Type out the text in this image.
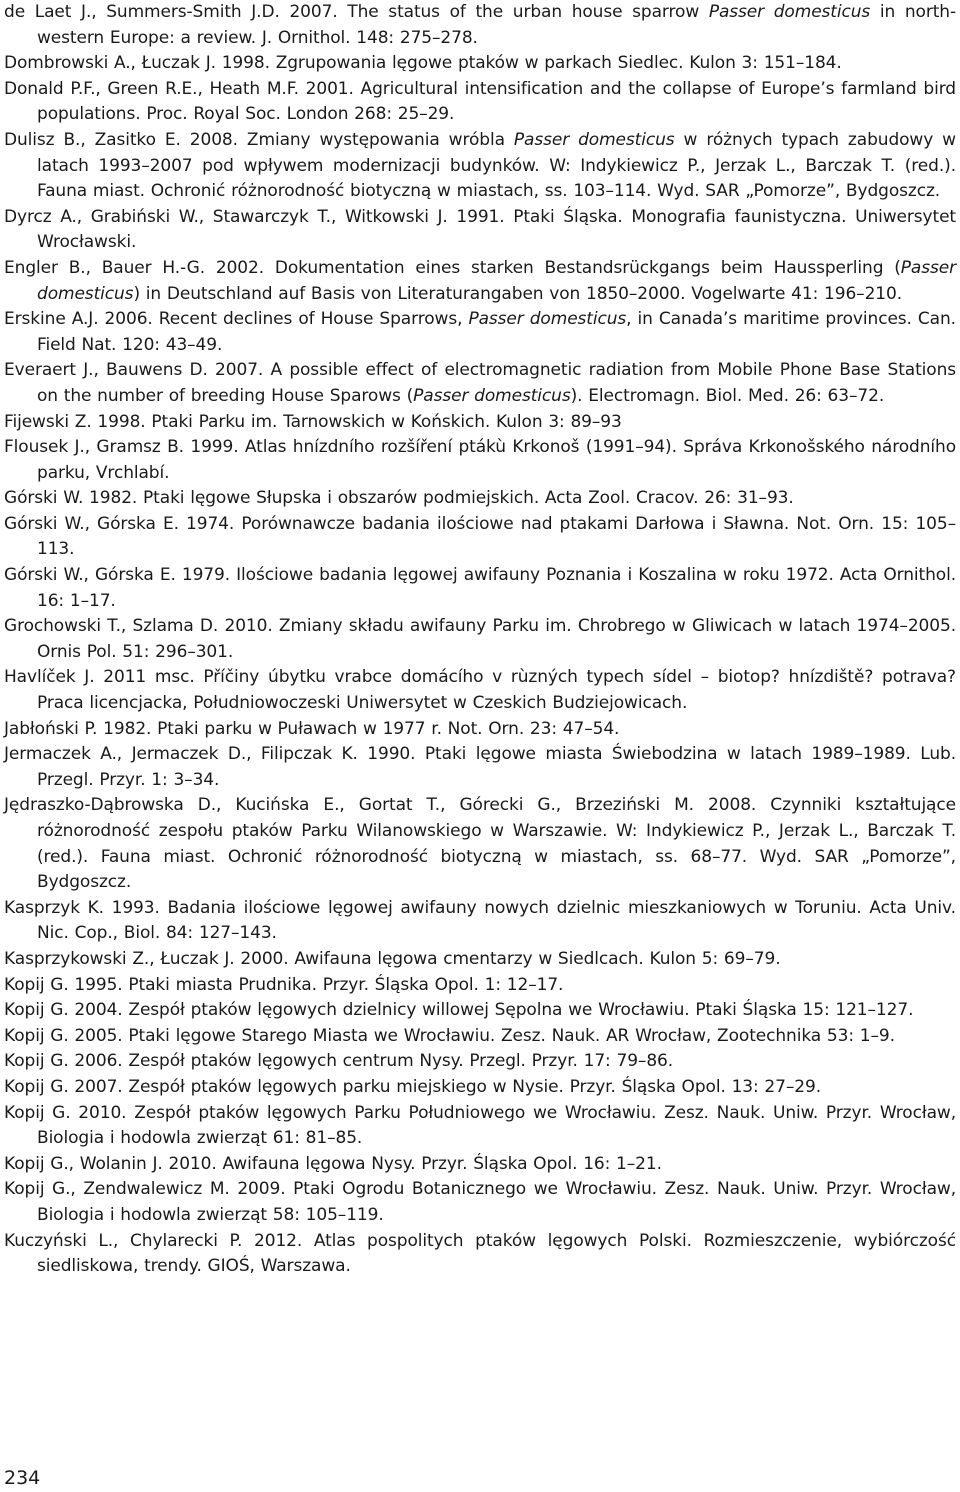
de Laet J., Summers-Smith J.D. 2007. The status of the urban house sparrow Passer domesticus in north-western Europe: a review. J. Ornithol. 148: 275–278.
Dombrowski A., Łuczak J. 1998. Zgrupowania lęgowe ptaków w parkach Siedlec. Kulon 3: 151–184.
Donald P.F., Green R.E., Heath M.F. 2001. Agricultural intensification and the collapse of Europe’s farmland bird populations. Proc. Royal Soc. London 268: 25–29.
Dulisz B., Zasitko E. 2008. Zmiany występowania wróbla Passer domesticus w różnych typach zabudowy w latach 1993–2007 pod wpływem modernizacji budynków. W: Indykiewicz P., Jerzak L., Barczak T. (red.). Fauna miast. Ochronić różnorodność biotyczną w miastach, ss. 103–114. Wyd. SAR „Pomorze”, Bydgoszcz.
Dyrcz A., Grabiński W., Stawarczyk T., Witkowski J. 1991. Ptaki Śląska. Monografia faunistyczna. Uniwersytet Wrocławski.
Engler B., Bauer H.-G. 2002. Dokumentation eines starken Bestandsrückgangs beim Haussperling (Passer domesticus) in Deutschland auf Basis von Literaturangaben von 1850–2000. Vogelwarte 41: 196–210.
Erskine A.J. 2006. Recent declines of House Sparrows, Passer domesticus, in Canada’s maritime provinces. Can. Field Nat. 120: 43–49.
Everaert J., Bauwens D. 2007. A possible effect of electromagnetic radiation from Mobile Phone Base Stations on the number of breeding House Sparows (Passer domesticus). Electromagn. Biol. Med. 26: 63–72.
Fijewski Z. 1998. Ptaki Parku im. Tarnowskich w Końskich. Kulon 3: 89–93
Flousek J., Gramsz B. 1999. Atlas hnízdního rozšíření ptákù Krkonoš (1991–94). Správa Krkonošského národního parku, Vrchlabí.
Górski W. 1982. Ptaki lęgowe Słupska i obszarów podmiejskich. Acta Zool. Cracov. 26: 31–93.
Górski W., Górska E. 1974. Porównawcze badania ilościowe nad ptakami Darłowa i Sławna. Not. Orn. 15: 105–113.
Górski W., Górska E. 1979. Ilościowe badania lęgowej awifauny Poznania i Koszalina w roku 1972. Acta Ornithol. 16: 1–17.
Grochowski T., Szlama D. 2010. Zmiany składu awifauny Parku im. Chrobrego w Gliwicach w latach 1974–2005. Ornis Pol. 51: 296–301.
Havlíček J. 2011 msc. Příčiny úbytku vrabce domácího v rùzných typech sídel – biotop? hnízdiště? potrava? Praca licencjacka, Południowoczeski Uniwersytet w Czeskich Budziejowicach.
Jabłoński P. 1982. Ptaki parku w Puławach w 1977 r. Not. Orn. 23: 47–54.
Jermaczek A., Jermaczek D., Filipczak K. 1990. Ptaki lęgowe miasta Świebodzina w latach 1989–1989. Lub. Przegl. Przyr. 1: 3–34.
Jędraszko-Dąbrowska D., Kucińska E., Gortat T., Górecki G., Brzeziński M. 2008. Czynniki kształtujące różnorodność zespołu ptaków Parku Wilanowskiego w Warszawie. W: Indykiewicz P., Jerzak L., Barczak T. (red.). Fauna miast. Ochronić różnorodność biotyczną w miastach, ss. 68–77. Wyd. SAR „Pomorze”, Bydgoszcz.
Kasprzyk K. 1993. Badania ilościowe lęgowej awifauny nowych dzielnic mieszkaniowych w Toruniu. Acta Univ. Nic. Cop., Biol. 84: 127–143.
Kasprzykowski Z., Łuczak J. 2000. Awifauna lęgowa cmentarzy w Siedlcach. Kulon 5: 69–79.
Kopij G. 1995. Ptaki miasta Prudnika. Przyr. Śląska Opol. 1: 12–17.
Kopij G. 2004. Zespół ptaków lęgowych dzielnicy willowej Sępolna we Wrocławiu. Ptaki Śląska 15: 121–127.
Kopij G. 2005. Ptaki lęgowe Starego Miasta we Wrocławiu. Zesz. Nauk. AR Wrocław, Zootechnika 53: 1–9.
Kopij G. 2006. Zespół ptaków lęgowych centrum Nysy. Przegl. Przyr. 17: 79–86.
Kopij G. 2007. Zespół ptaków lęgowych parku miejskiego w Nysie. Przyr. Śląska Opol. 13: 27–29.
Kopij G. 2010. Zespół ptaków lęgowych Parku Południowego we Wrocławiu. Zesz. Nauk. Uniw. Przyr. Wrocław, Biologia i hodowla zwierząt 61: 81–85.
Kopij G., Wolanin J. 2010. Awifauna lęgowa Nysy. Przyr. Śląska Opol. 16: 1–21.
Kopij G., Zendwalewicz M. 2009. Ptaki Ogrodu Botanicznego we Wrocławiu. Zesz. Nauk. Uniw. Przyr. Wrocław, Biologia i hodowla zwierząt 58: 105–119.
Kuczyński L., Chylarecki P. 2012. Atlas pospolitych ptaków lęgowych Polski. Rozmieszczenie, wybiórczość siedliskowa, trendy. GIOŚ, Warszawa.
234
